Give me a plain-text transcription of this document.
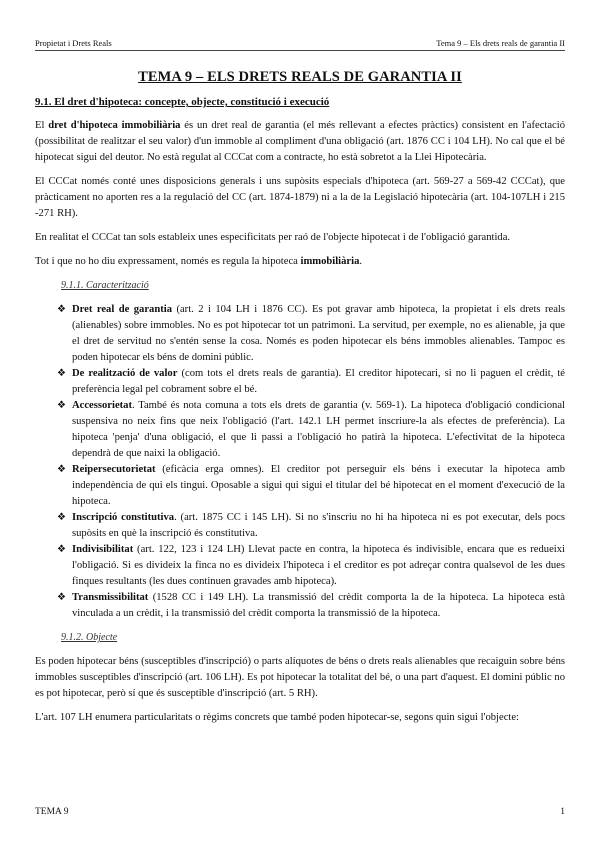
Propietat i Drets Reals	Tema 9 – Els drets reals de garantia II
TEMA 9 – ELS DRETS REALS DE GARANTIA II
9.1. El dret d'hipoteca: concepte, objecte, constitució i execució

El dret d'hipoteca immobiliària és un dret real de garantia (el més rellevant a efectes pràctics) consistent en l'afectació (possibilitat de realitzar el seu valor) d'un immoble al compliment d'una obligació (art. 1876 CC i 104 LH). No cal que el bé hipotecat sigui del deutor. No està regulat al CCCat com a contracte, ho està sobretot a la Llei Hipotecària.

El CCCat només conté unes disposicions generals i uns supòsits especials d'hipoteca (art. 569-27 a 569-42 CCCat), que pràcticament no aporten res a la regulació del CC (art. 1874-1879) ni a la de la Legislació hipotecària (art. 104-107LH i 215 -271 RH).

En realitat el CCCat tan sols estableix unes especificitats per raó de l'objecte hipotecat i de l'obligació garantida.

Tot i que no ho diu expressament, només es regula la hipoteca immobiliària.

9.1.1. Caracterització
❖ Dret real de garantia (art. 2 i 104 LH i 1876 CC). Es pot gravar amb hipoteca, la propietat i els drets reals (alienables) sobre immobles. No es pot hipotecar tot un patrimoni. La servitud, per exemple, no es alienable, ja que el dret de servitud no s'entén sense la cosa. Només es poden hipotecar els béns immobles alienables. Tampoc es poden hipotecar els béns de domini públic.
❖ De realització de valor (com tots el drets reals de garantia). El creditor hipotecari, si no li paguen el crèdit, té preferència legal pel cobrament sobre el bé.
❖ Accessorietat. També és nota comuna a tots els drets de garantia (v. 569-1). La hipoteca d'obligació condicional suspensiva no neix fins que neix l'obligació (l'art. 142.1 LH permet inscriure-la als efectes de preferència). La hipoteca 'penja' d'una obligació, el que li passi a l'obligació ho patirà la hipoteca. L'efectivitat de la hipoteca dependrà de que naixi la obligació.
❖ Reipersecutorietat (eficàcia erga omnes). El creditor pot perseguir els béns i executar la hipoteca amb independència de qui els tingui. Oposable a sigui qui sigui el titular del bé hipotecat en el moment d'execució de la hipoteca.
❖ Inscripció constitutiva. (art. 1875 CC i 145 LH). Si no s'inscriu no hi ha hipoteca ni es pot executar, dels pocs supòsits en què la inscripció és constitutiva.
❖ Indivisibilitat (art. 122, 123 i 124 LH) Llevat pacte en contra, la hipoteca és indivisible, encara que es redueixi l'obligació. Si es divideix la finca no es divideix l'hipoteca i el creditor es pot adreçar contra qualsevol de les dues finques resultants (les dues continuen gravades amb hipoteca).
❖ Transmissibilitat (1528 CC i 149 LH). La transmissió del crèdit comporta la de la hipoteca. La hipoteca està vinculada a un crèdit, i la transmissió del crèdit comporta la transmissió de la hipoteca.
9.1.2. Objecte

Es poden hipotecar béns (susceptibles d'inscripció) o parts alíquotes de béns o drets reals alienables que recaiguin sobre béns immobles susceptibles d'inscripció (art. 106 LH). Es pot hipotecar la totalitat del bé, o una part d'aquest. El domini públic no es pot hipotecar, però sí que és susceptible d'inscripció (art. 5 RH).

L'art. 107 LH enumera particularitats o règims concrets que també poden hipotecar-se, segons quin sigui l'objecte:

TEMA 9	1
